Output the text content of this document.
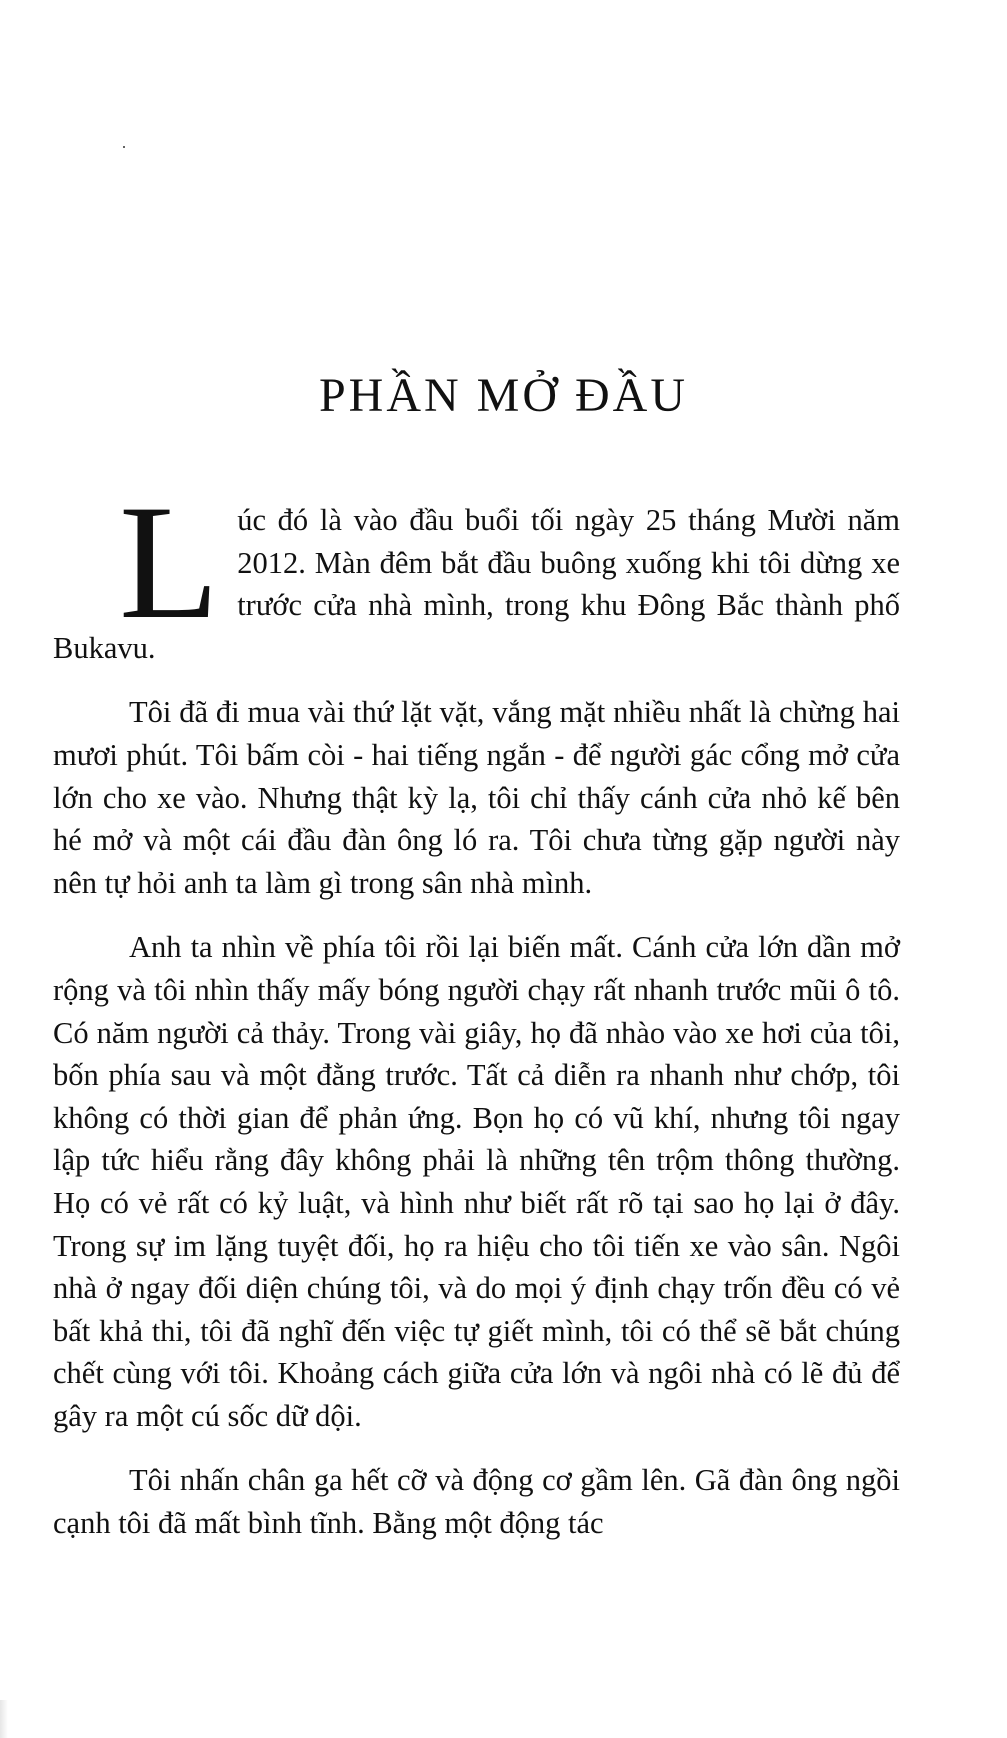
PHẦN MỞ ĐẦU

Lúc đó là vào đầu buổi tối ngày 25 tháng Mười năm 2012. Màn đêm bắt đầu buông xuống khi tôi dừng xe trước cửa nhà mình, trong khu Đông Bắc thành phố Bukavu.

Tôi đã đi mua vài thứ lặt vặt, vắng mặt nhiều nhất là chừng hai mươi phút. Tôi bấm còi - hai tiếng ngắn - để người gác cổng mở cửa lớn cho xe vào. Nhưng thật kỳ lạ, tôi chỉ thấy cánh cửa nhỏ kế bên hé mở và một cái đầu đàn ông ló ra. Tôi chưa từng gặp người này nên tự hỏi anh ta làm gì trong sân nhà mình.

Anh ta nhìn về phía tôi rồi lại biến mất. Cánh cửa lớn dần mở rộng và tôi nhìn thấy mấy bóng người chạy rất nhanh trước mũi ô tô. Có năm người cả thảy. Trong vài giây, họ đã nhào vào xe hơi của tôi, bốn phía sau và một đằng trước. Tất cả diễn ra nhanh như chớp, tôi không có thời gian để phản ứng. Bọn họ có vũ khí, nhưng tôi ngay lập tức hiểu rằng đây không phải là những tên trộm thông thường. Họ có vẻ rất có kỷ luật, và hình như biết rất rõ tại sao họ lại ở đây. Trong sự im lặng tuyệt đối, họ ra hiệu cho tôi tiến xe vào sân. Ngôi nhà ở ngay đối diện chúng tôi, và do mọi ý định chạy trốn đều có vẻ bất khả thi, tôi đã nghĩ đến việc tự giết mình, tôi có thể sẽ bắt chúng chết cùng với tôi. Khoảng cách giữa cửa lớn và ngôi nhà có lẽ đủ để gây ra một cú sốc dữ dội.

Tôi nhấn chân ga hết cỡ và động cơ gầm lên. Gã đàn ông ngồi cạnh tôi đã mất bình tĩnh. Bằng một động tác
